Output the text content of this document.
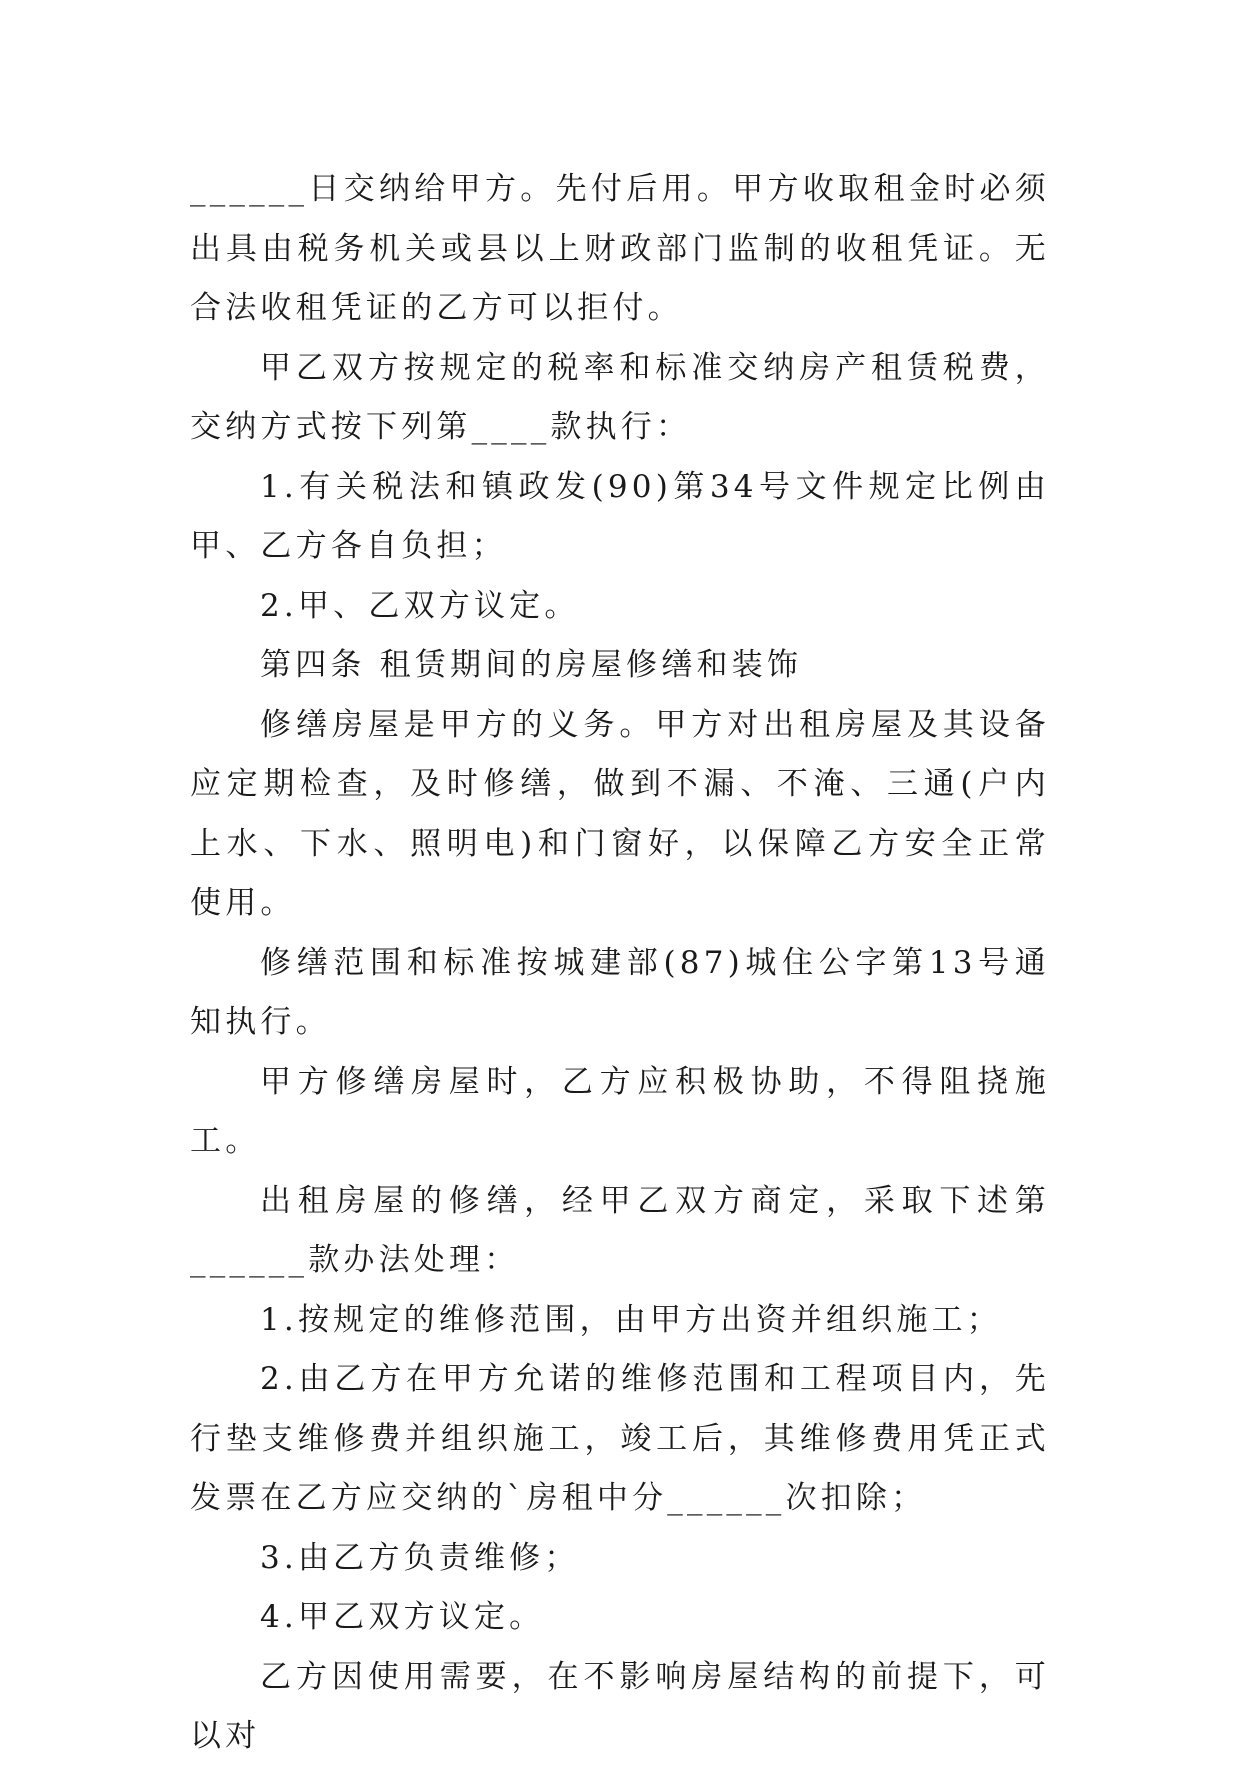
______日交纳给甲方。先付后用。甲方收取租金时必须出具由税务机关或县以上财政部门监制的收租凭证。无合法收租凭证的乙方可以拒付。

甲乙双方按规定的税率和标准交纳房产租赁税费，交纳方式按下列第____款执行：

1.有关税法和镇政发(90)第34号文件规定比例由甲、乙方各自负担；

2.甲、乙双方议定。

第四条 租赁期间的房屋修缮和装饰

修缮房屋是甲方的义务。甲方对出租房屋及其设备应定期检查，及时修缮，做到不漏、不淹、三通(户内上水、下水、照明电)和门窗好，以保障乙方安全正常使用。

修缮范围和标准按城建部(87)城住公字第13号通知执行。

甲方修缮房屋时，乙方应积极协助，不得阻挠施工。

出租房屋的修缮，经甲乙双方商定，采取下述第______款办法处理：

1.按规定的维修范围，由甲方出资并组织施工；

2.由乙方在甲方允诺的维修范围和工程项目内，先行垫支维修费并组织施工，竣工后，其维修费用凭正式发票在乙方应交纳的`房租中分______次扣除；

3.由乙方负责维修；

4.甲乙双方议定。

乙方因使用需要，在不影响房屋结构的前提下，可以对
